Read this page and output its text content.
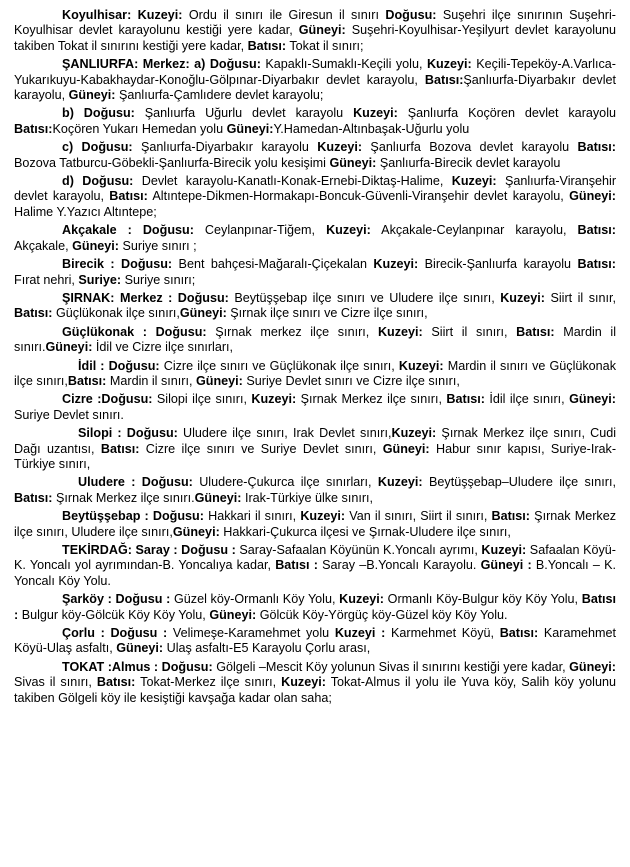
Koyulhisar: Kuzeyi: Ordu il sınırı ile Giresun il sınırı Doğusu: Suşehri ilçe sınırının Suşehri-Koyulhisar devlet karayolunu kestiği yere kadar, Güneyi: Suşehri-Koyulhisar-Yeşilyurt devlet karayolunu takiben Tokat il sınırını kestiği yere kadar, Batısı: Tokat il sınırı;

ŞANLIURFA: Merkez: a) Doğusu: Kapaklı-Sumaklı-Keçili yolu, Kuzeyi: Keçili-Tepeköy-A.Varlıca-Yukarıkuyu-Kabakhaydar-Konoğlu-Gölpınar-Diyarbakır devlet karayolu, Batısı:Şanlıurfa-Diyarbakır devlet karayolu, Güneyi: Şanlıurfa-Çamlıdere devlet karayolu;

b) Doğusu: Şanlıurfa Uğurlu devlet karayolu Kuzeyi: Şanlıurfa Koçören devlet karayolu Batısı:Koçören Yukarı Hemedan yolu Güneyi:Y.Hamedan-Altınbaşak-Uğurlu yolu

c) Doğusu: Şanlıurfa-Diyarbakır karayolu Kuzeyi: Şanlıurfa Bozova devlet karayolu Batısı: Bozova Tatburcu-Göbekli-Şanlıurfa-Birecik yolu kesişimi Güneyi: Şanlıurfa-Birecik devlet karayolu

d) Doğusu: Devlet karayolu-Kanatlı-Konak-Ernebi-Diktaş-Halime, Kuzeyi: Şanlıurfa-Viranşehir devlet karayolu, Batısı: Altıntepe-Dikmen-Hormakapı-Boncuk-Güvenli-Viranşehir devlet karayolu, Güneyi: Halime Y.Yazıcı Altıntepe;

Akçakale : Doğusu: Ceylanpınar-Tiğem, Kuzeyi: Akçakale-Ceylanpınar karayolu, Batısı: Akçakale, Güneyi: Suriye sınırı ;

Birecik : Doğusu: Bent bahçesi-Mağaralı-Çiçekalan Kuzeyi: Birecik-Şanlıurfa karayolu Batısı: Fırat nehri, Suriye: Suriye sınırı;

ŞIRNAK: Merkez : Doğusu: Beytüşşebap ilçe sınırı ve Uludere ilçe sınırı, Kuzeyi: Siirt il sınır, Batısı: Güçlükonak ilçe sınırı,Güneyi: Şırnak ilçe sınırı ve Cizre ilçe sınırı,

Güçlükonak : Doğusu: Şırnak merkez ilçe sınırı, Kuzeyi: Siirt il sınırı, Batısı: Mardin il sınırı.Güneyi: İdil ve Cizre ilçe sınırları,

İdil : Doğusu: Cizre ilçe sınırı ve Güçlükonak ilçe sınırı, Kuzeyi: Mardin il sınırı ve Güçlükonak ilçe sınırı,Batısı: Mardin il sınırı, Güneyi: Suriye Devlet sınırı ve Cizre ilçe sınırı,

Cizre :Doğusu: Silopi ilçe sınırı, Kuzeyi: Şırnak Merkez ilçe sınırı, Batısı: İdil ilçe sınırı, Güneyi: Suriye Devlet sınırı.

Silopi : Doğusu: Uludere ilçe sınırı, Irak Devlet sınırı,Kuzeyi: Şırnak Merkez ilçe sınırı, Cudi Dağı uzantısı, Batısı: Cizre ilçe sınırı ve Suriye Devlet sınırı, Güneyi: Habur sınır kapısı, Suriye-Irak-Türkiye sınırı,

Uludere : Doğusu: Uludere-Çukurca ilçe sınırları, Kuzeyi: Beytüşşebap–Uludere ilçe sınırı, Batısı: Şırnak Merkez ilçe sınırı.Güneyi: Irak-Türkiye ülke sınırı,

Beytüşşebap : Doğusu: Hakkari il sınırı, Kuzeyi: Van il sınırı, Siirt il sınırı, Batısı: Şırnak Merkez ilçe sınırı, Uludere ilçe sınırı,Güneyi: Hakkari-Çukurca ilçesi ve Şırnak-Uludere ilçe sınırı,

TEKİRDAĞ: Saray : Doğusu : Saray-Safaalan Köyünün K.Yoncalı ayrımı, Kuzeyi: Safaalan Köyü- K. Yoncalı yol ayrımından-B. Yoncalıya kadar, Batısı : Saray –B.Yoncalı Karayolu. Güneyi : B.Yoncalı – K. Yoncalı Köy Yolu.

Şarköy : Doğusu : Güzel köy-Ormanlı Köy Yolu, Kuzeyi: Ormanlı Köy-Bulgur köy Köy Yolu, Batısı : Bulgur köy-Gölcük Köy Köy Yolu, Güneyi: Gölcük Köy-Yörgüç köy-Güzel köy Köy Yolu.

Çorlu : Doğusu : Velimeşe-Karamehmet yolu Kuzeyi : Karmehmet Köyü, Batısı: Karamehmet Köyü-Ulaş asfaltı, Güneyi: Ulaş asfaltı-E5 Karayolu Çorlu arası,

TOKAT :Almus : Doğusu: Gölgeli –Mescit Köy yolunun Sivas il sınırını kestiği yere kadar, Güneyi: Sivas il sınırı, Batısı: Tokat-Merkez ilçe sınırı, Kuzeyi: Tokat-Almus il yolu ile Yuva köy, Salih köy yolunu takiben Gölgeli köy ile kesiştiği kavşağa kadar olan saha;
